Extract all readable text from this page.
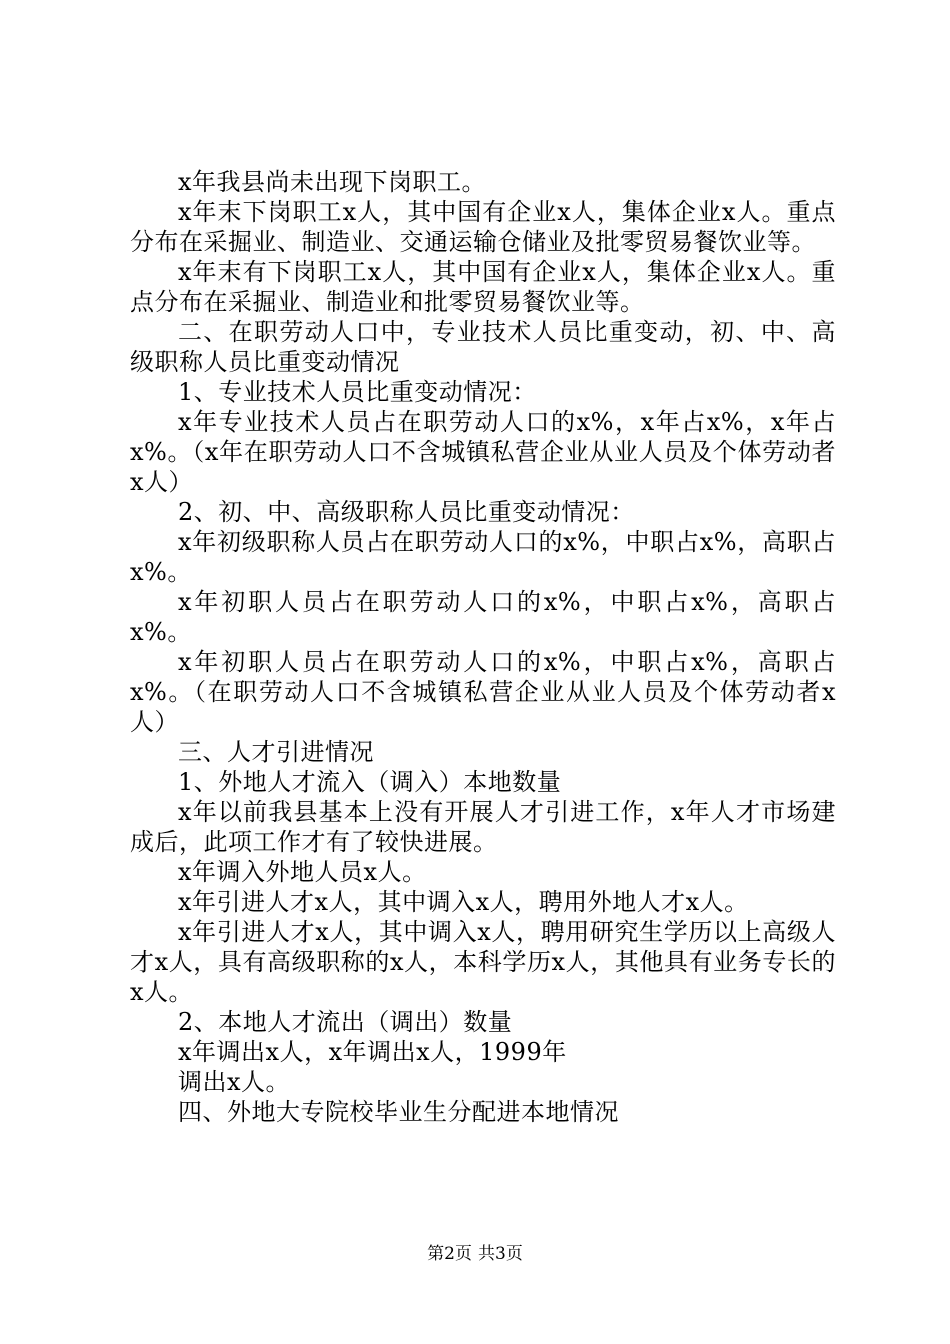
x年我县尚未出现下岗职工。

x年末下岗职工x人，其中国有企业x人，集体企业x人。重点分布在采掘业、制造业、交通运输仓储业及批零贸易餐饮业等。

x年末有下岗职工x人，其中国有企业x人，集体企业x人。重点分布在采掘业、制造业和批零贸易餐饮业等。

二、在职劳动人口中，专业技术人员比重变动，初、中、高级职称人员比重变动情况

1、专业技术人员比重变动情况：

x年专业技术人员占在职劳动人口的x%，x年占x%，x年占x%。（x年在职劳动人口不含城镇私营企业从业人员及个体劳动者x人）

2、初、中、高级职称人员比重变动情况：

x年初级职称人员占在职劳动人口的x%，中职占x%，高职占x%。

x年初职人员占在职劳动人口的x%，中职占x%，高职占x%。

x年初职人员占在职劳动人口的x%，中职占x%，高职占x%。（在职劳动人口不含城镇私营企业从业人员及个体劳动者x人）

三、人才引进情况

1、外地人才流入（调入）本地数量

x年以前我县基本上没有开展人才引进工作，x年人才市场建成后，此项工作才有了较快进展。

x年调入外地人员x人。

x年引进人才x人，其中调入x人，聘用外地人才x人。

x年引进人才x人，其中调入x人，聘用研究生学历以上高级人才x人，具有高级职称的x人，本科学历x人，其他具有业务专长的x人。

2、本地人才流出（调出）数量

x年调出x人，x年调出x人，1999年

调出x人。

四、外地大专院校毕业生分配进本地情况

第2页 共3页
